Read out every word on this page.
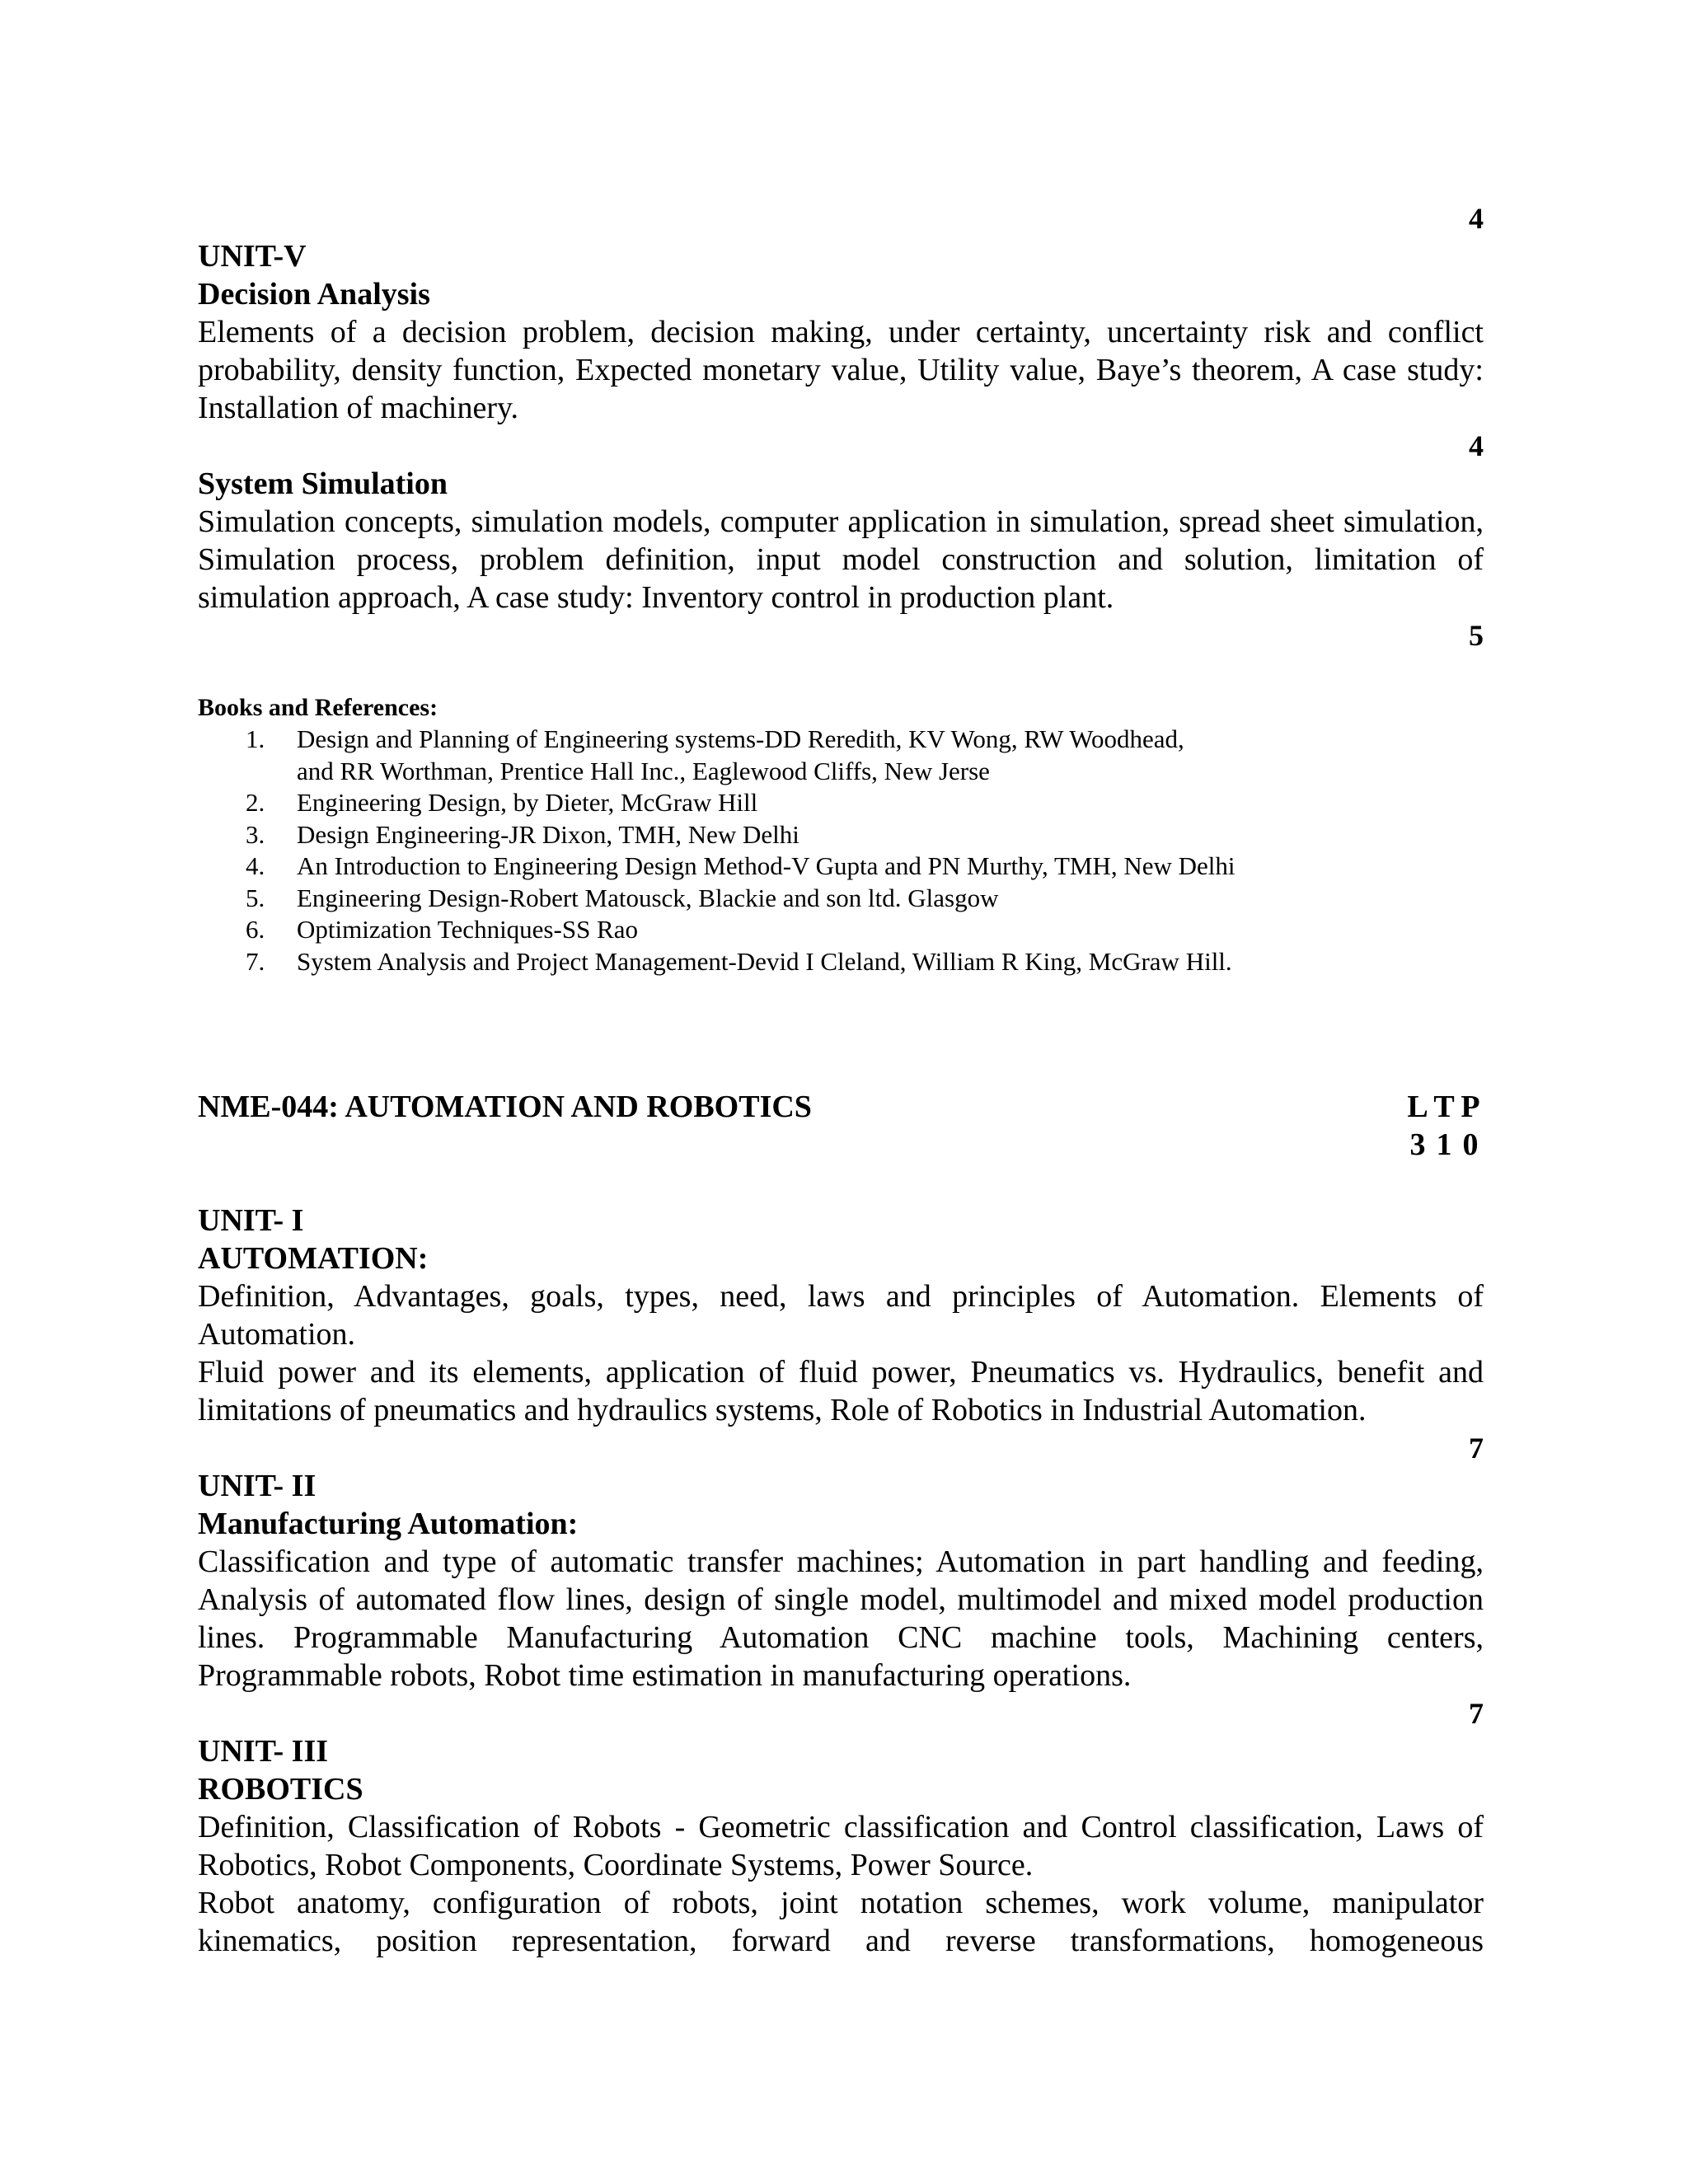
4
UNIT-V
Decision Analysis
Elements of a decision problem, decision making, under certainty, uncertainty risk and conflict probability, density function, Expected monetary value, Utility value, Baye’s theorem, A case study: Installation of machinery.
4
System Simulation
Simulation concepts, simulation models, computer application in simulation, spread sheet simulation, Simulation process, problem definition, input model construction and solution, limitation of simulation approach, A case study: Inventory control in production plant.
5
Books and References:
1. Design and Planning of Engineering systems-DD Reredith, KV Wong, RW Woodhead,
and RR Worthman, Prentice Hall Inc., Eaglewood Cliffs, New Jerse
2. Engineering Design, by Dieter, McGraw Hill
3. Design Engineering-JR Dixon, TMH, New Delhi
4. An Introduction to Engineering Design Method-V Gupta and PN Murthy, TMH, New Delhi
5. Engineering Design-Robert Matousck, Blackie and son ltd. Glasgow
6. Optimization Techniques-SS Rao
7. System Analysis and Project Management-Devid I Cleland, William R King, McGraw Hill.
NME-044: AUTOMATION AND ROBOTICS	L T P
3 1 0
UNIT- I
AUTOMATION:
Definition, Advantages, goals, types, need, laws and principles of Automation. Elements of Automation.
Fluid power and its elements, application of fluid power, Pneumatics vs. Hydraulics, benefit and limitations of pneumatics and hydraulics systems, Role of Robotics in Industrial Automation.
7
UNIT- II
Manufacturing Automation:
Classification and type of automatic transfer machines; Automation in part handling and feeding, Analysis of automated flow lines, design of single model, multimodel and mixed model production lines. Programmable Manufacturing Automation CNC machine tools, Machining centers, Programmable robots, Robot time estimation in manufacturing operations.
7
UNIT- III
ROBOTICS
Definition, Classification of Robots - Geometric classification and Control classification, Laws of Robotics, Robot Components, Coordinate Systems, Power Source.
Robot anatomy, configuration of robots, joint notation schemes, work volume, manipulator kinematics, position representation, forward and reverse transformations, homogeneous
